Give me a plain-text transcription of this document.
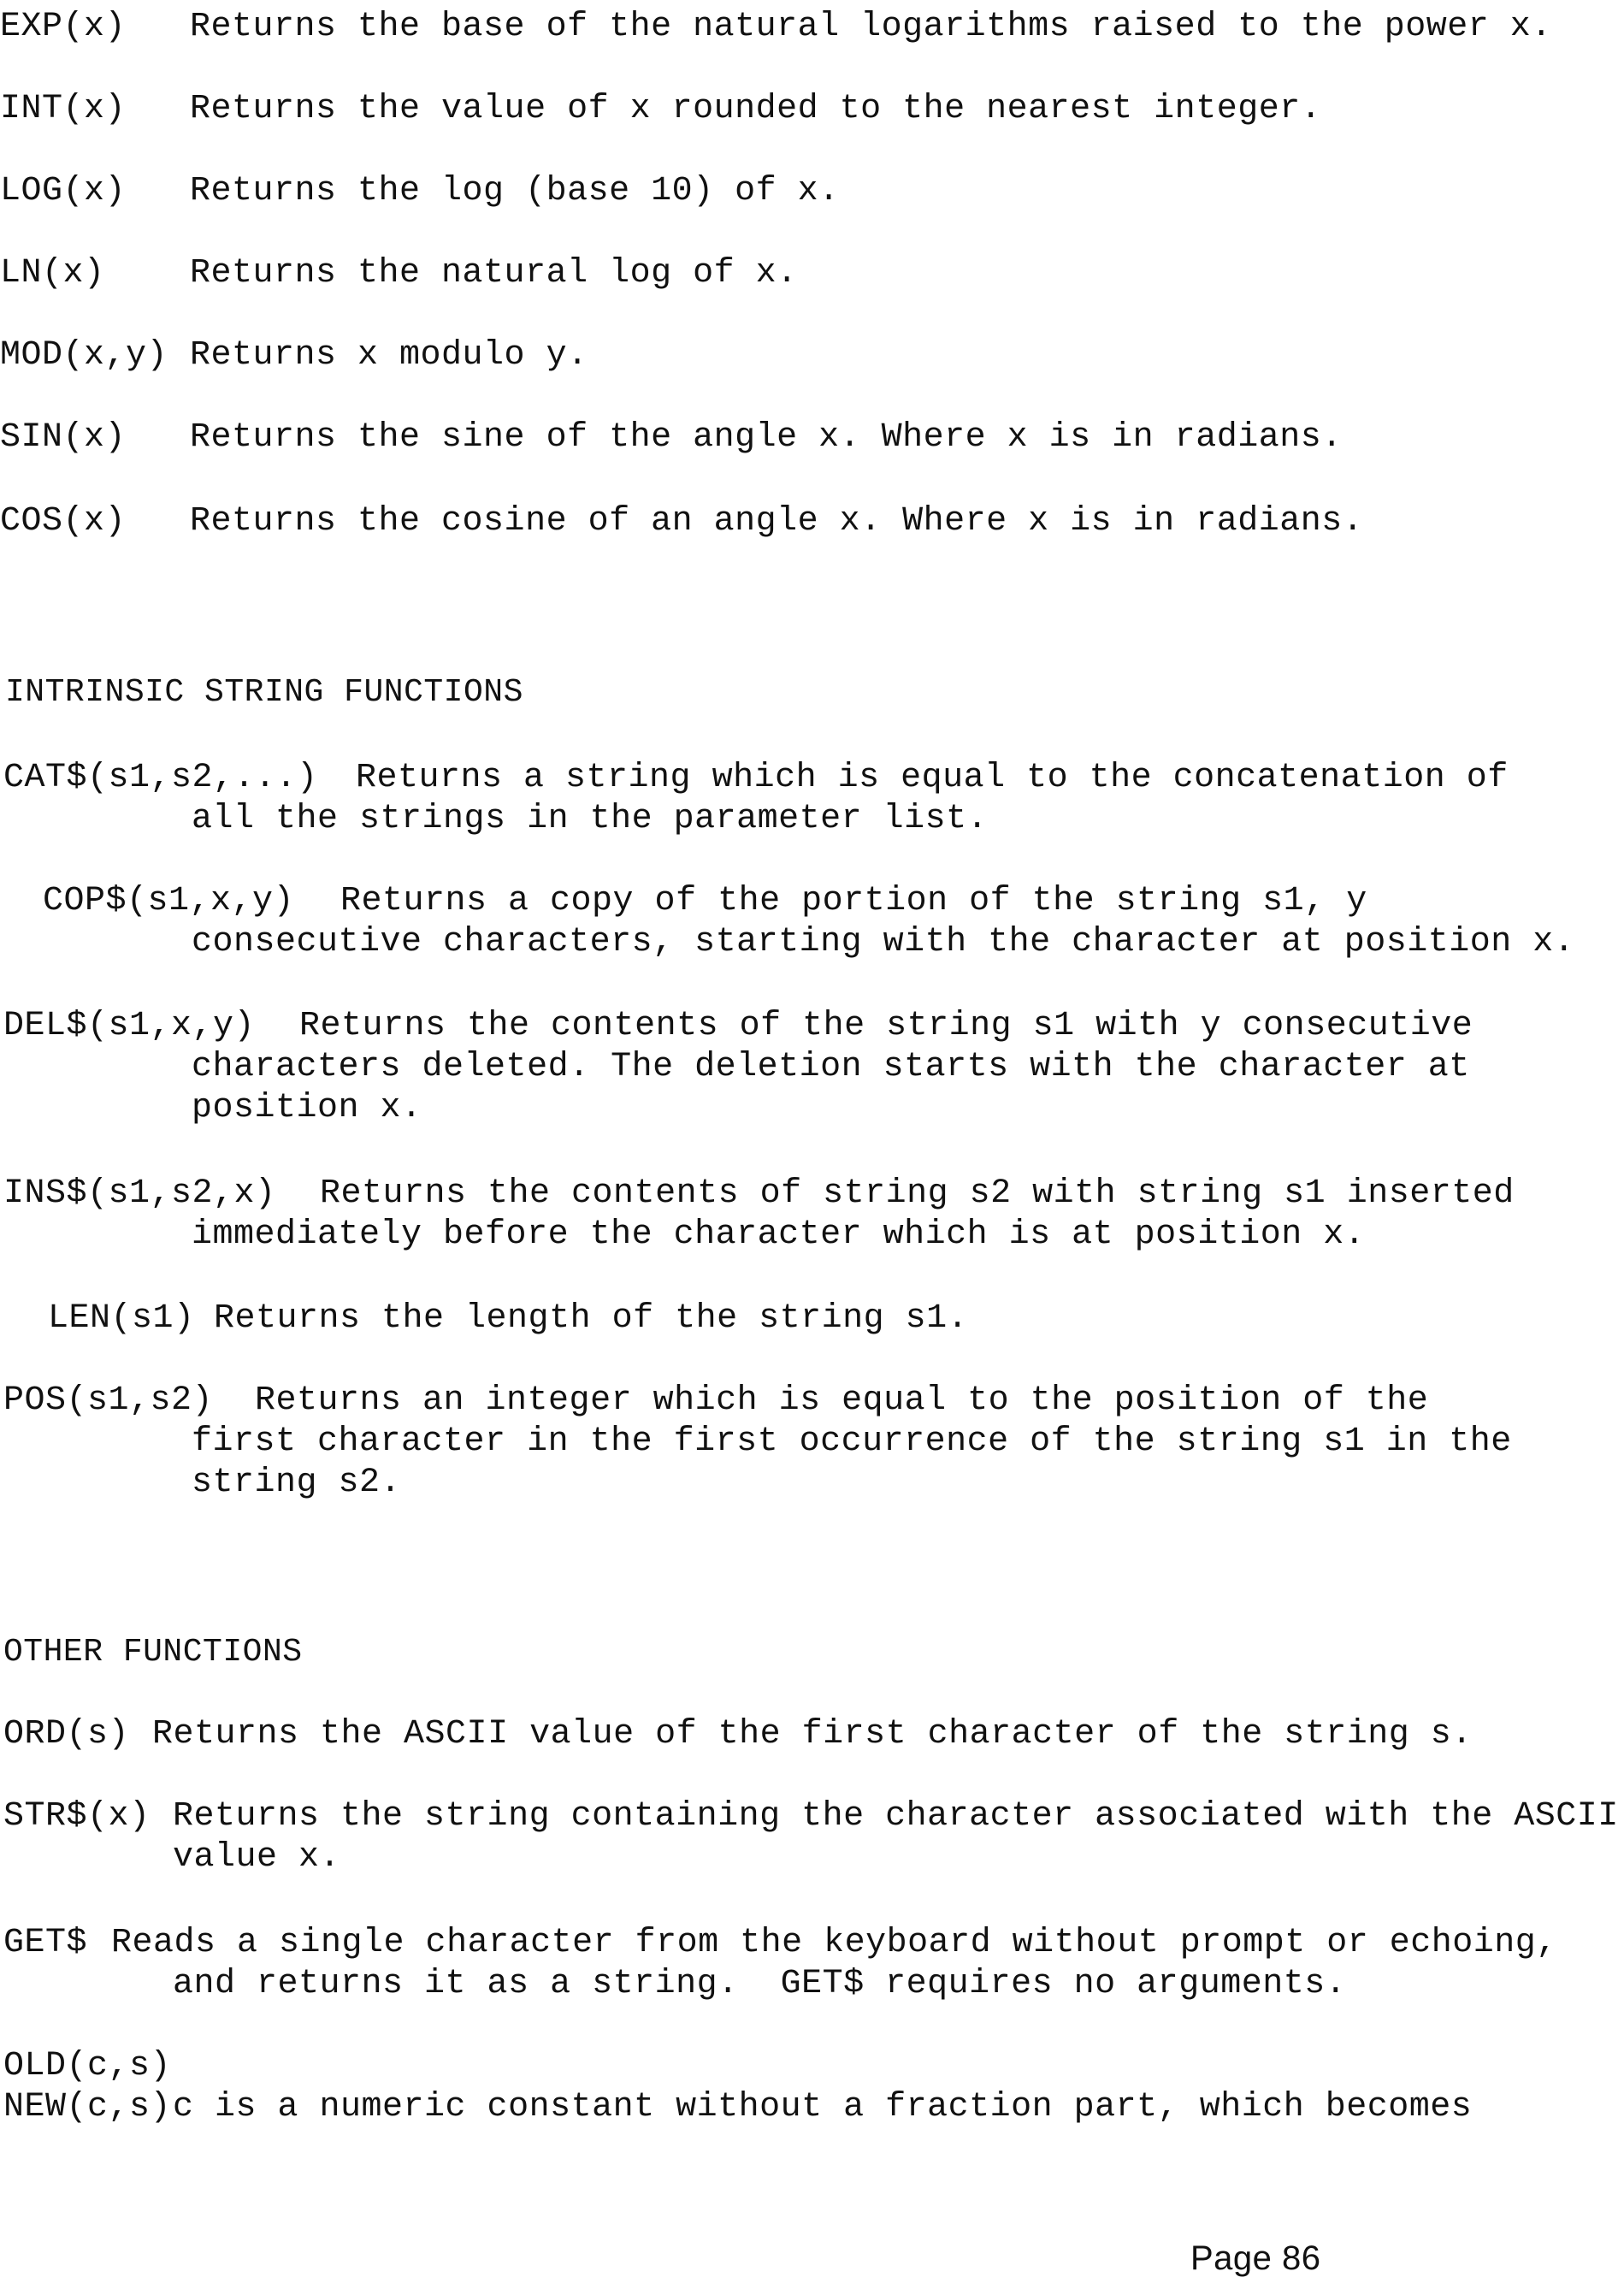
EXP(x) Returns the base of the natural logarithms raised to the power x.
INT(x) Returns the value of x rounded to the nearest integer.
LOG(x) Returns the log (base 10) of x.
LN(x) Returns the natural log of x.
MOD(x,y) Returns x modulo y.
SIN(x) Returns the sine of the angle x. Where x is in radians.
COS(x) Returns the cosine of an angle x. Where x is in radians.
INTRINSIC STRING FUNCTIONS
CAT$(s1,s2,...) Returns a string which is equal to the concatenation of
all the strings in the parameter list.
COP$(s1,x,y) Returns a copy of the portion of the string s1, y
consecutive characters, starting with the character at position x.
DEL$(s1,x,y) Returns the contents of the string s1 with y consecutive
characters deleted. The deletion starts with the character at
position x.
INS$(s1,s2,x) Returns the contents of string s2 with string s1 inserted
immediately before the character which is at position x.
LEN(s1) Returns the length of the string s1.
POS(s1,s2) Returns an integer which is equal to the position of the
first character in the first occurrence of the string s1 in the
string s2.
OTHER FUNCTIONS
ORD(s) Returns the ASCII value of the first character of the string s.
STR$(x) Returns the string containing the character associated with the ASCII
value x.
GET$ Reads a single character from the keyboard without prompt or echoing,
and returns it as a string.  GET$ requires no arguments.
OLD(c,s)
NEW(c,s) c is a numeric constant without a fraction part, which becomes
Page 86
